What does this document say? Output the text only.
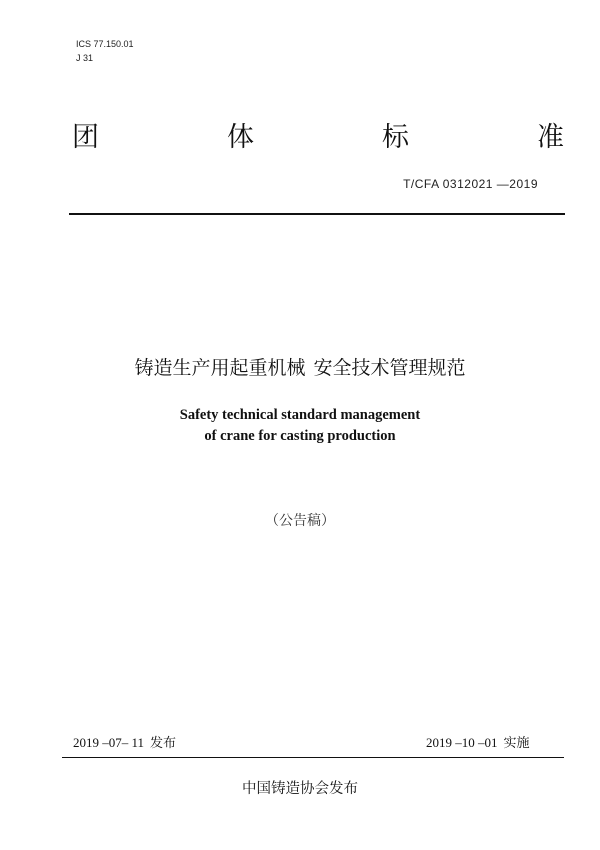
ICS 77.150.01
J 31
团	体	标	准
T/CFA 0312021 —2019
铸造生产用起重机械 安全技术管理规范
Safety technical standard management
of crane for casting production
（公告稿）
2019 –07– 11 发布	2019 –10 –01 实施
中国铸造协会发布
